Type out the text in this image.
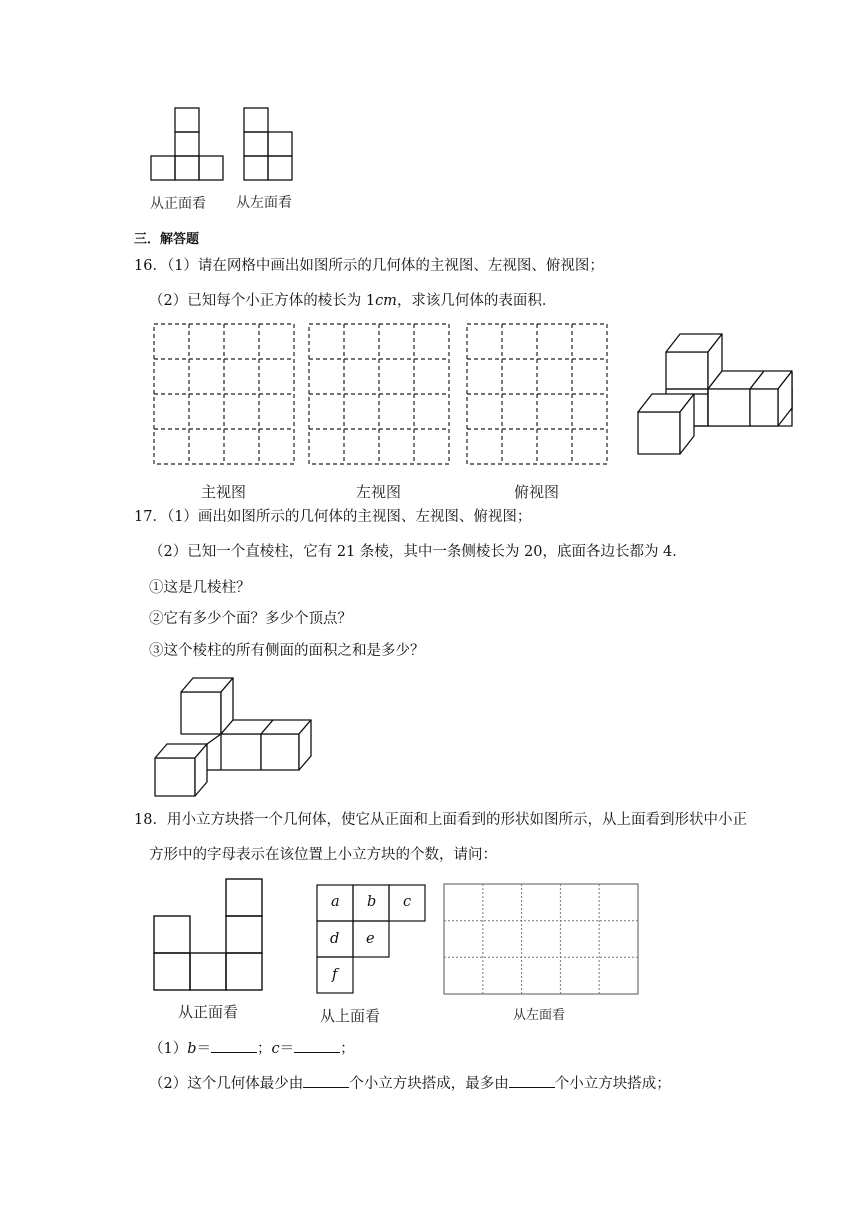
从正面看 从左面看
三．解答题
16．（1）请在网格中画出如图所示的几何体的主视图、左视图、俯视图；
（2）已知每个小正方体的棱长为 1cm，求该几何体的表面积．
主视图	左视图	俯视图
17．（1）画出如图所示的几何体的主视图、左视图、俯视图；
（2）已知一个直棱柱，它有 21 条棱，其中一条侧棱长为 20，底面各边长都为 4．
①这是几棱柱？
②它有多少个面？多少个顶点？
③这个棱柱的所有侧面的面积之和是多少？
18．用小立方块搭一个几何体，使它从正面和上面看到的形状如图所示，从上面看到形状中小正
方形中的字母表示在该位置上小立方块的个数，请问：
从正面看
a b c
d e
f
从上面看	从左面看
（1）b＝	；c＝	；
（2）这个几何体最少由	个小立方块搭成，最多由	个小立方块搭成；
